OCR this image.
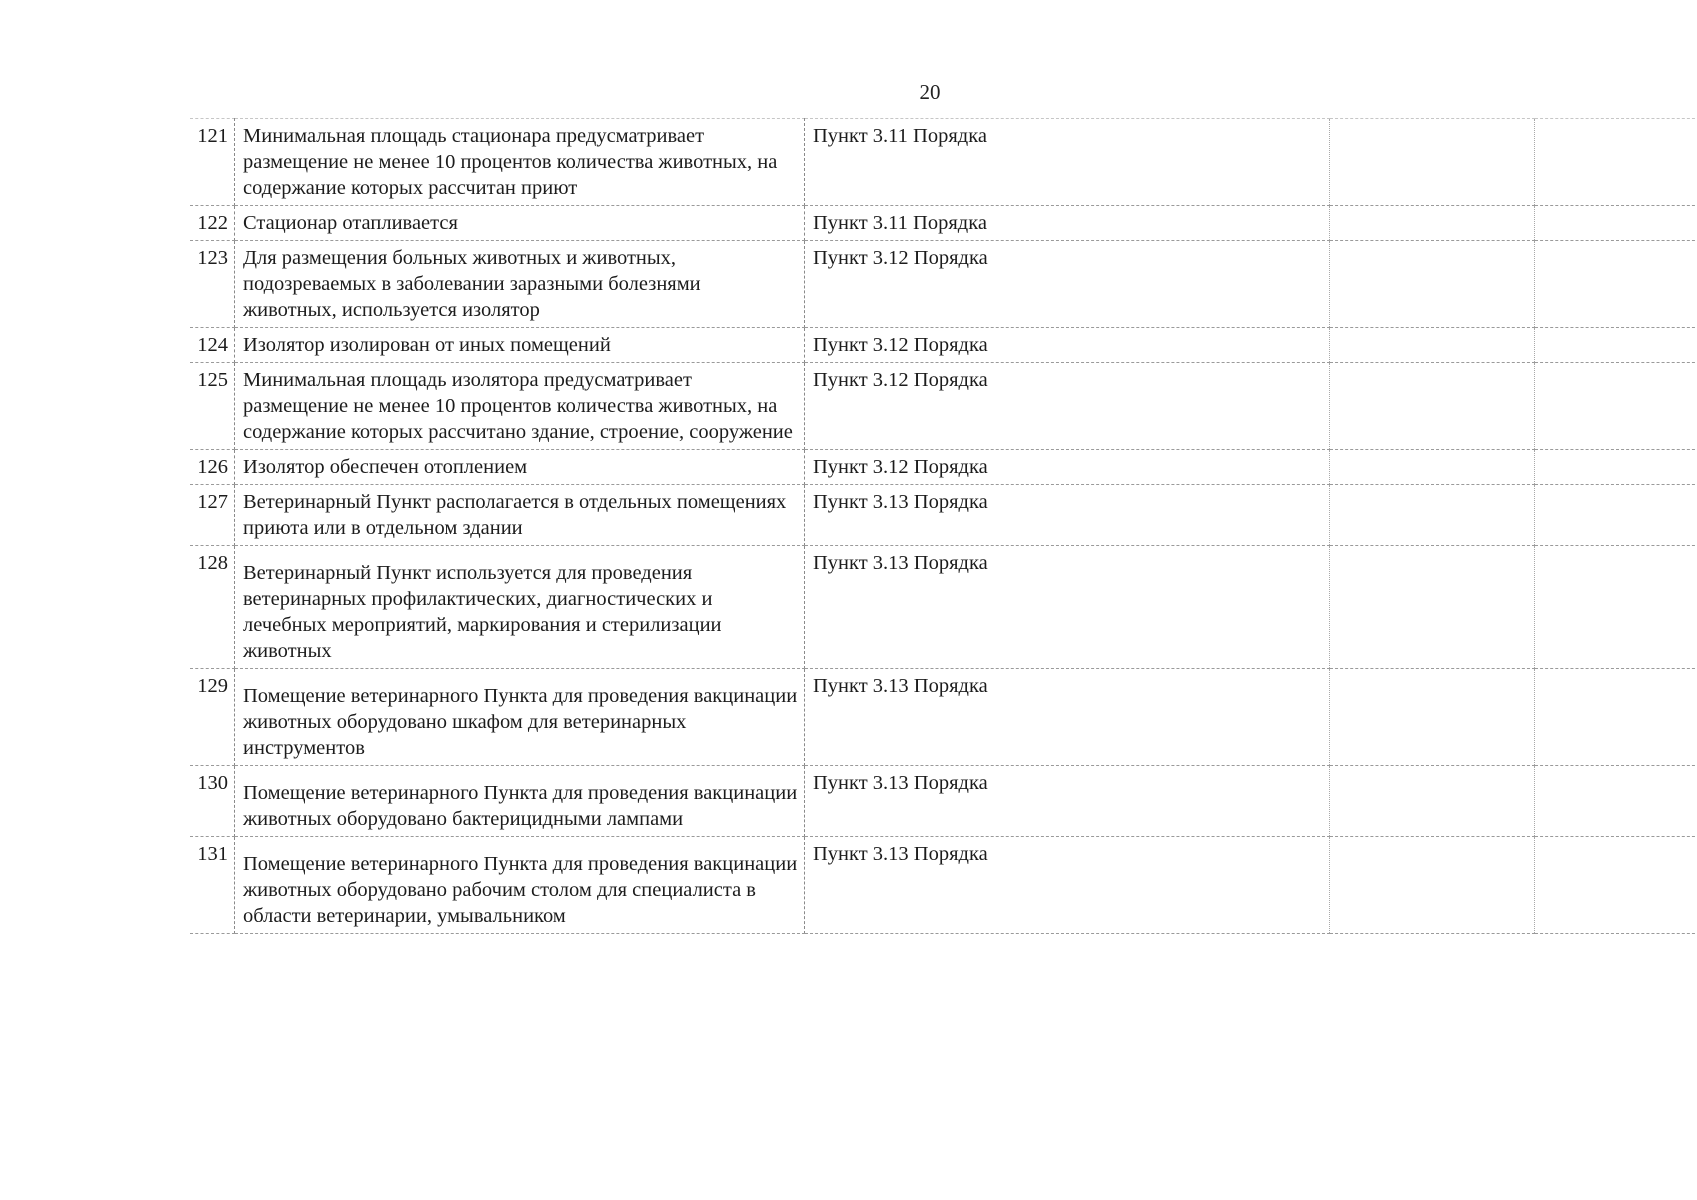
20
121	Минимальная площадь стационара предусматривает размещение не менее 10 процентов количества животных, на содержание которых рассчитан приют	Пункт 3.11 Порядка		
122	Стационар отапливается	Пункт 3.11 Порядка		
123	Для размещения больных животных и животных, подозреваемых в заболевании заразными болезнями животных, используется изолятор	Пункт 3.12 Порядка		
124	Изолятор изолирован от иных помещений	Пункт 3.12 Порядка		
125	Минимальная площадь изолятора предусматривает размещение не менее 10 процентов количества животных, на содержание которых рассчитано здание, строение, сооружение	Пункт 3.12 Порядка		
126	Изолятор обеспечен отоплением	Пункт 3.12 Порядка		
127	Ветеринарный Пункт располагается в отдельных помещениях приюта или в отдельном здании	Пункт 3.13 Порядка		
128	Ветеринарный Пункт используется для проведения ветеринарных профилактических, диагностических и лечебных мероприятий, маркирования и стерилизации животных	Пункт 3.13 Порядка		
129	Помещение ветеринарного Пункта для проведения вакцинации животных оборудовано шкафом для ветеринарных инструментов	Пункт 3.13 Порядка		
130	Помещение ветеринарного Пункта для проведения вакцинации животных оборудовано бактерицидными лампами	Пункт 3.13 Порядка		
131	Помещение ветеринарного Пункта для проведения вакцинации животных оборудовано рабочим столом для специалиста в области ветеринарии, умывальником	Пункт 3.13 Порядка		
